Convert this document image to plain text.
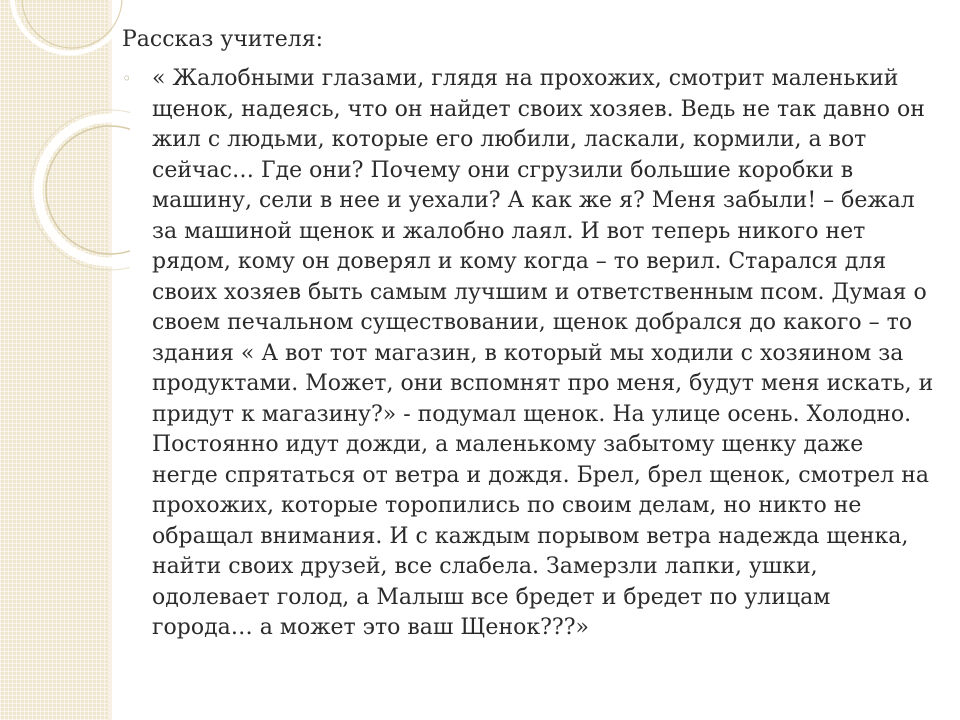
Рассказ учителя:

◦ « Жалобными глазами, глядя на прохожих, смотрит маленький щенок, надеясь, что он найдет своих хозяев. Ведь не так давно он жил с людьми, которые его любили, ласкали, кормили, а вот сейчас… Где они? Почему они сгрузили большие коробки в машину, сели в нее и уехали? А как же я? Меня забыли! – бежал за машиной щенок и жалобно лаял. И вот теперь никого нет рядом, кому он доверял и кому когда – то верил. Старался для своих хозяев быть самым лучшим и ответственным псом. Думая о своем печальном существовании, щенок добрался до какого – то здания « А вот тот магазин, в который мы ходили с хозяином за продуктами. Может, они вспомнят про меня, будут меня искать, и придут к магазину?» - подумал щенок. На улице осень. Холодно. Постоянно идут дожди, а маленькому забытому щенку даже негде спрятаться от ветра и дождя. Брел, брел щенок, смотрел на прохожих, которые торопились по своим делам, но никто не обращал внимания. И с каждым порывом ветра надежда щенка, найти своих друзей, все слабела. Замерзли лапки, ушки, одолевает голод, а Малыш все бредет и бредет по улицам города… а может это ваш Щенок???»
